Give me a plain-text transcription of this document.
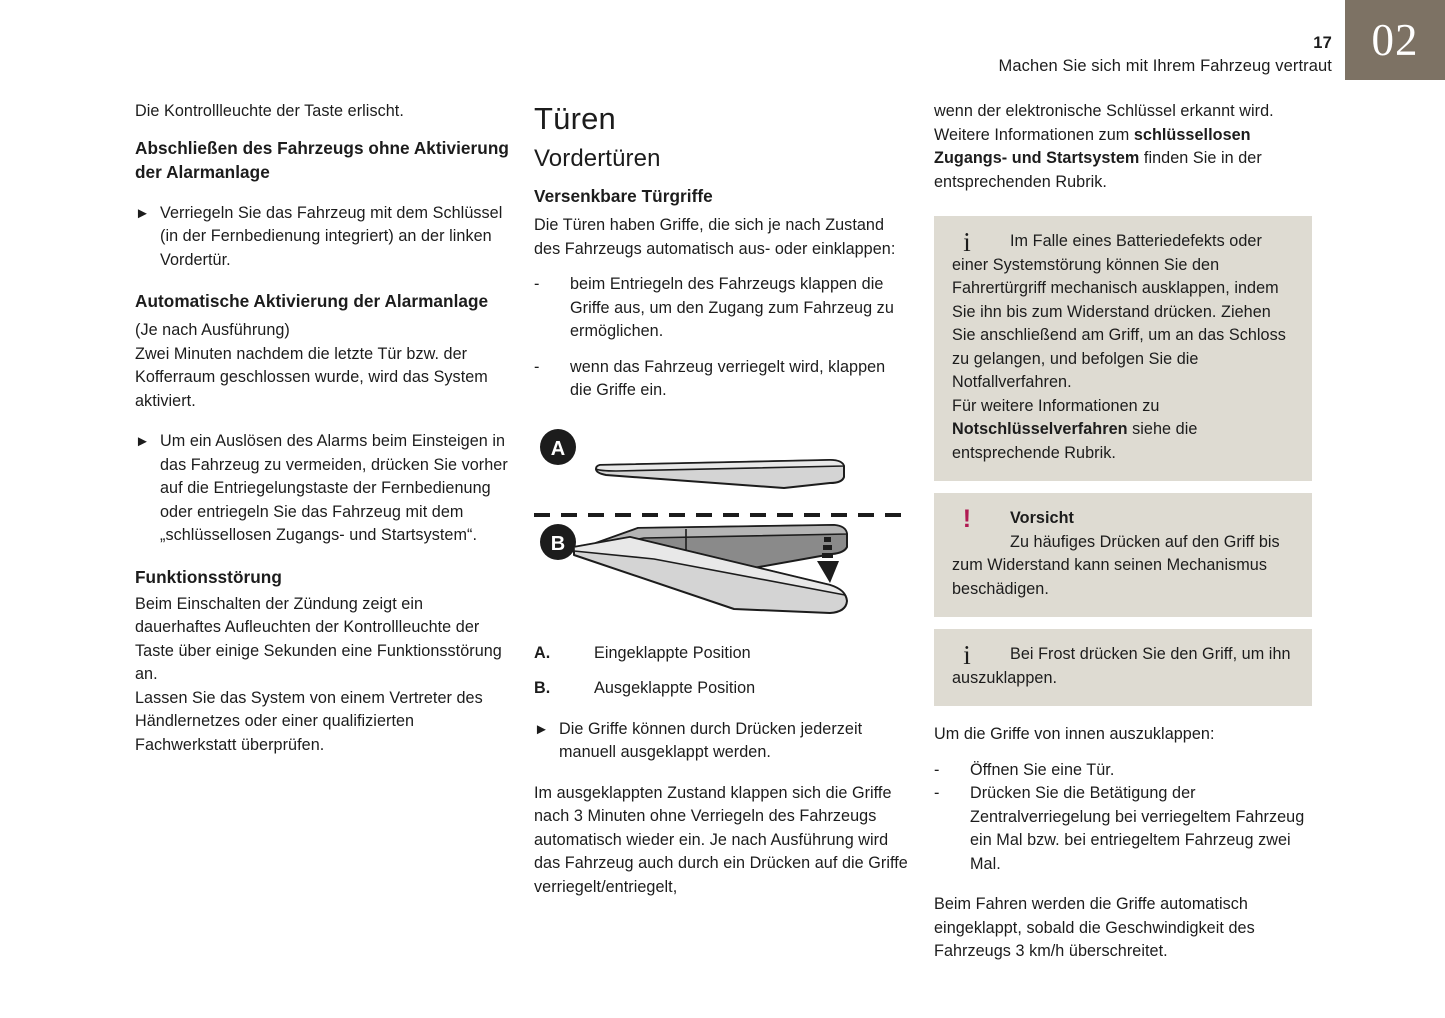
02
17
Machen Sie sich mit Ihrem Fahrzeug vertraut

Die Kontrollleuchte der Taste erlischt.

Abschließen des Fahrzeugs ohne Aktivierung der Alarmanlage
► Verriegeln Sie das Fahrzeug mit dem Schlüssel (in der Fernbedienung integriert) an der linken Vordertür.
Automatische Aktivierung der Alarmanlage

(Je nach Ausführung)

Zwei Minuten nachdem die letzte Tür bzw. der Kofferraum geschlossen wurde, wird das System aktiviert.

► Um ein Auslösen des Alarms beim Einsteigen in das Fahrzeug zu vermeiden, drücken Sie vorher auf die Entriegelungstaste der Fernbedienung oder entriegeln Sie das Fahrzeug mit dem „schlüssellosen Zugangs- und Startsystem“.
Funktionsstörung

Beim Einschalten der Zündung zeigt ein dauerhaftes Aufleuchten der Kontrollleuchte der Taste über einige Sekunden eine Funktionsstörung an.

Lassen Sie das System von einem Vertreter des Händlernetzes oder einer qualifizierten Fachwerkstatt überprüfen.

Türen
Vordertüren
Versenkbare Türgriffe

Die Türen haben Griffe, die sich je nach Zustand des Fahrzeugs automatisch aus- oder einklappen:

-	beim Entriegeln des Fahrzeugs klappen die Griffe aus, um den Zugang zum Fahrzeug zu ermöglichen.
-	wenn das Fahrzeug verriegelt wird, klappen die Griffe ein.
A
B
A.	Eingeklappte Position
B.	Ausgeklappte Position
► Die Griffe können durch Drücken jederzeit manuell ausgeklappt werden.

Im ausgeklappten Zustand klappen sich die Griffe nach 3 Minuten ohne Verriegeln des Fahrzeugs automatisch wieder ein. Je nach Ausführung wird das Fahrzeug auch durch ein Drücken auf die Griffe verriegelt/entriegelt,

wenn der elektronische Schlüssel erkannt wird.

Weitere Informationen zum schlüssellosen Zugangs- und Startsystem finden Sie in der entsprechenden Rubrik.

i	Im Falle eines Batteriedefekts oder einer Systemstörung können Sie den Fahrertürgriff mechanisch ausklappen, indem Sie ihn bis zum Widerstand drücken. Ziehen Sie anschließend am Griff, um an das Schloss zu gelangen, und befolgen Sie die Notfallverfahren.

Für weitere Informationen zu Notschlüsselverfahren siehe die entsprechende Rubrik.

!	Vorsicht

Zu häufiges Drücken auf den Griff bis zum Widerstand kann seinen Mechanismus beschädigen.

i	Bei Frost drücken Sie den Griff, um ihn auszuklappen.

Um die Griffe von innen auszuklappen:

-	Öffnen Sie eine Tür.
-	Drücken Sie die Betätigung der Zentralverriegelung bei verriegeltem Fahrzeug ein Mal bzw. bei entriegeltem Fahrzeug zwei Mal.

Beim Fahren werden die Griffe automatisch eingeklappt, sobald die Geschwindigkeit des Fahrzeugs 3 km/h überschreitet.
